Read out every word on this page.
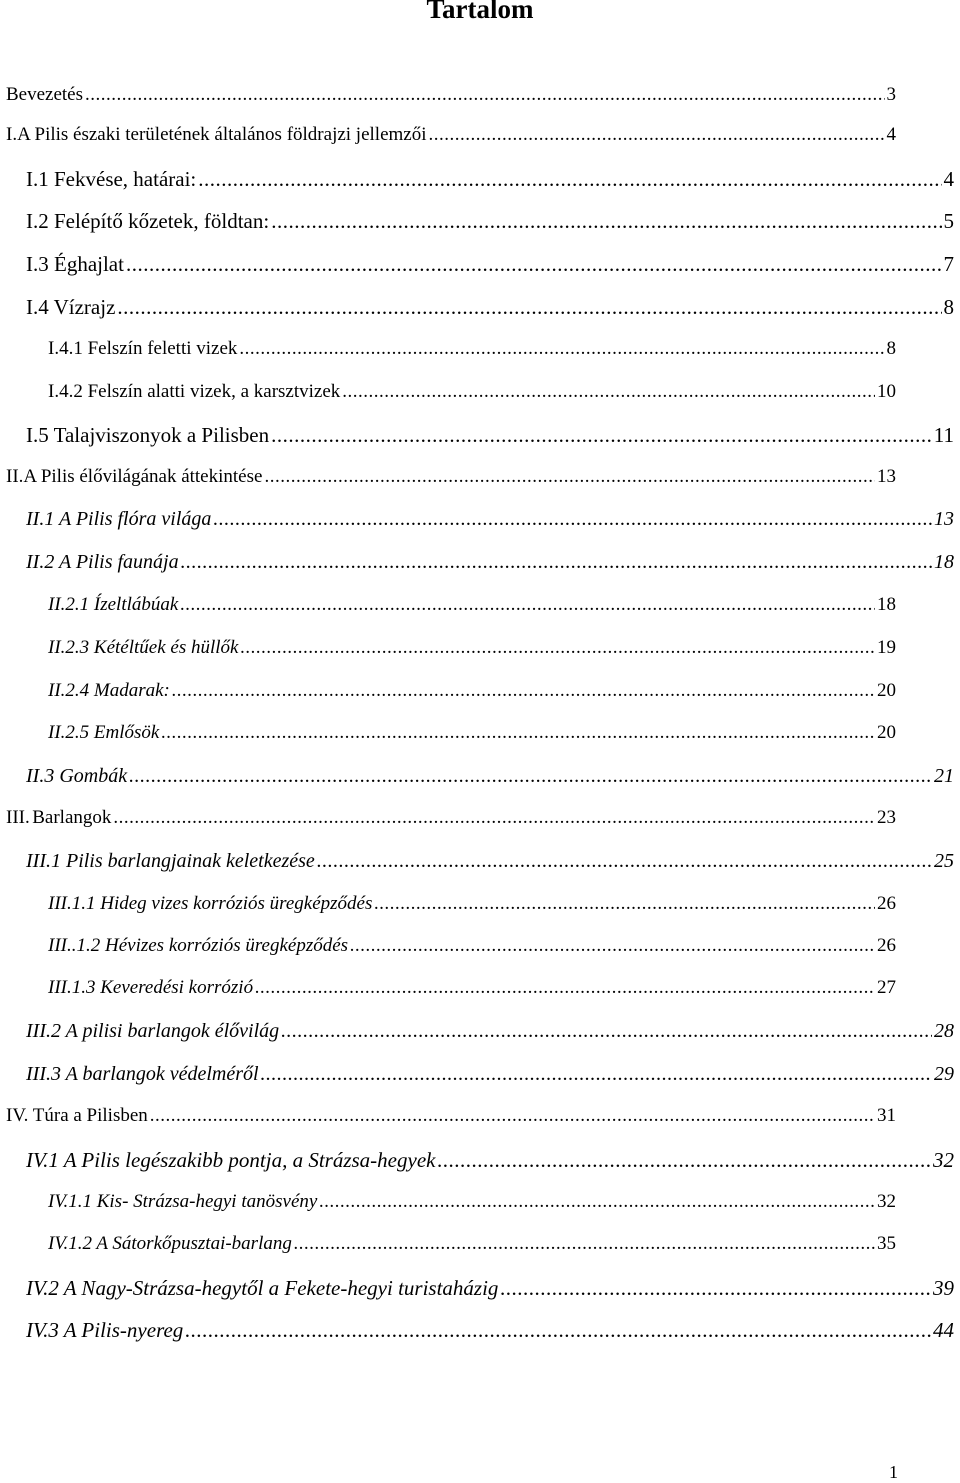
Tartalom
Bevezetés .....	3
I. A Pilis északi területének általános földrajzi jellemzői .....	4
I.1 Fekvése, határai: .....	4
I.2 Felépítő kőzetek, földtan: .....	5
I.3 Éghajlat .....	7
I.4 Vízrajz .....	8
I.4.1 Felszín feletti vizek .....	8
I.4.2 Felszín alatti vizek, a karsztvizek .....	10
I.5 Talajviszonyok a Pilisben .....	11
II. A Pilis élővilágának áttekintése .....	13
II.1 A Pilis flóra világa .....	13
II.2 A Pilis faunája .....	18
II.2.1 Ízeltlábúak .....	18
II.2.3 Kétéltűek és hüllők .....	19
II.2.4 Madarak: .....	20
II.2.5 Emlősök .....	20
II.3 Gombák .....	21
III. Barlangok .....	23
III.1 Pilis barlangjainak keletkezése .....	25
III.1.1 Hideg vizes korróziós üregképződés .....	26
III..1.2 Hévizes korróziós üregképződés .....	26
III.1.3 Keveredési korrózió .....	27
III.2 A pilisi barlangok élővilág .....	28
III.3 A barlangok védelméről .....	29
IV. Túra a Pilisben .....	31
IV.1 A Pilis legészakibb pontja, a Strázsa-hegyek .....	32
IV.1.1 Kis- Strázsa-hegyi tanösvény .....	32
IV.1.2 A Sátorkőpusztai-barlang .....	35
IV.2 A Nagy-Strázsa-hegytől a Fekete-hegyi turistaházig .....	39
IV.3 A Pilis-nyereg .....	44
1
